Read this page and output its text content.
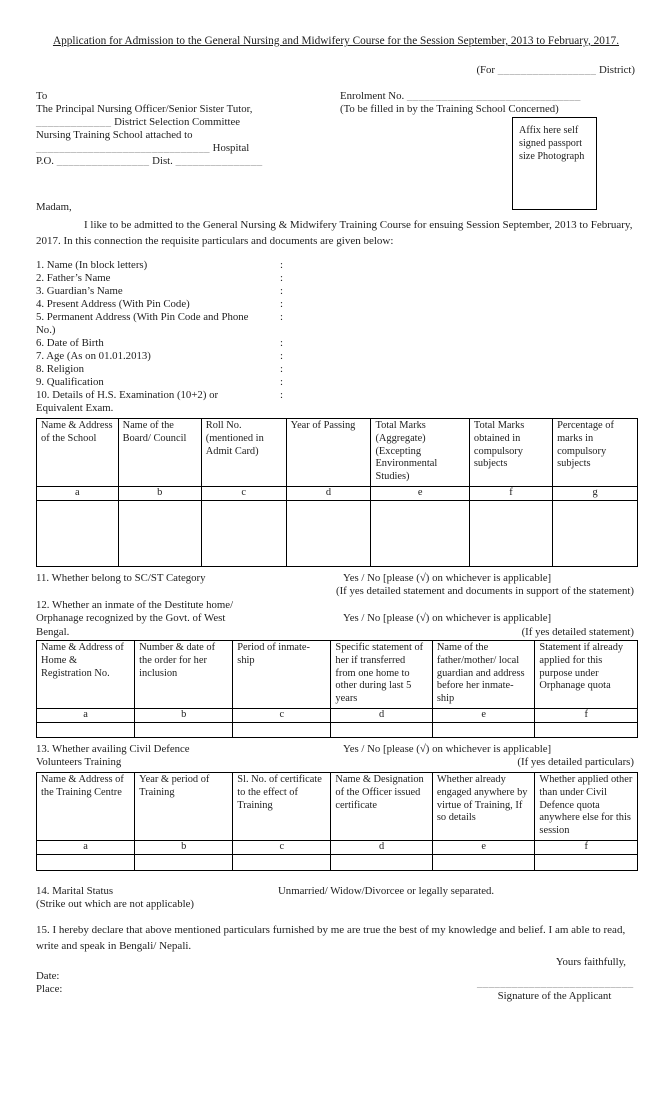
Application for Admission to the General Nursing and Midwifery Course for the Session September, 2013 to February, 2017.
(For _________________ District)
To
The Principal Nursing Officer/Senior Sister Tutor,
_____________ District Selection Committee
Nursing Training School attached to
______________________________ Hospital
P.O. ________________ Dist. _______________
Enrolment No. ______________________________
(To be filled in by the Training School Concerned)
Affix here self signed passport size Photograph
Madam,
I like to be admitted to the General Nursing & Midwifery Training Course for ensuing Session September, 2013 to February, 2017. In this connection the requisite particulars and documents are given below:
1. Name (In block letters)	:
2. Father’s Name	:
3. Guardian’s Name	:
4. Present Address (With Pin Code)	:
5. Permanent Address (With Pin Code and Phone No.)
:
6. Date of Birth	:
7. Age (As on 01.01.2013)	:
8. Religion	:
9. Qualification	:
10. Details of H.S. Examination (10+2) or Equivalent Exam.
:
Name & Address of the School	Name of the Board/ Council	Roll No. (mentioned in Admit Card)	Year of Passing	Total Marks (Aggregate) (Excepting Environmental Studies)	Total Marks obtained in compulsory subjects	Percentage of marks in compulsory subjects
a	b	c	d	e	f	g

11. Whether belong to SC/ST Category	Yes / No [please (√) on whichever is applicable]
(If yes detailed statement and documents in support of the statement)
12. Whether an inmate of the Destitute home/
Orphanage recognized by the Govt. of West	Yes / No [please (√) on whichever is applicable]
Bengal.	(If yes detailed statement)
Name & Address of Home & Registration No.	Number & date of the order for her inclusion	Period of inmate-ship	Specific statement of her if transferred from one home to other during last 5 years	Name of the father/mother/ local guardian and address before her inmate-ship	Statement if already applied for this purpose under Orphanage quota
a	b	c	d	e	f

13. Whether availing Civil Defence	Yes / No [please (√) on whichever is applicable]
Volunteers Training	(If yes detailed particulars)
Name & Address of the Training Centre	Year & period of Training	Sl. No. of certificate to the effect of Training	Name & Designation of the Officer issued certificate	Whether already engaged anywhere by virtue of Training, If so details	Whether applied other than under Civil Defence quota anywhere else for this session
a	b	c	d	e	f

14. Marital Status	Unmarried/ Widow/Divorcee or legally separated.
(Strike out which are not applicable)
15. I hereby declare that above mentioned particulars furnished by me are true the best of my knowledge and belief. I am able to read, write and speak in Bengali/ Nepali.
Yours faithfully,
Date:
Place:	___________________________
Signature of the Applicant
